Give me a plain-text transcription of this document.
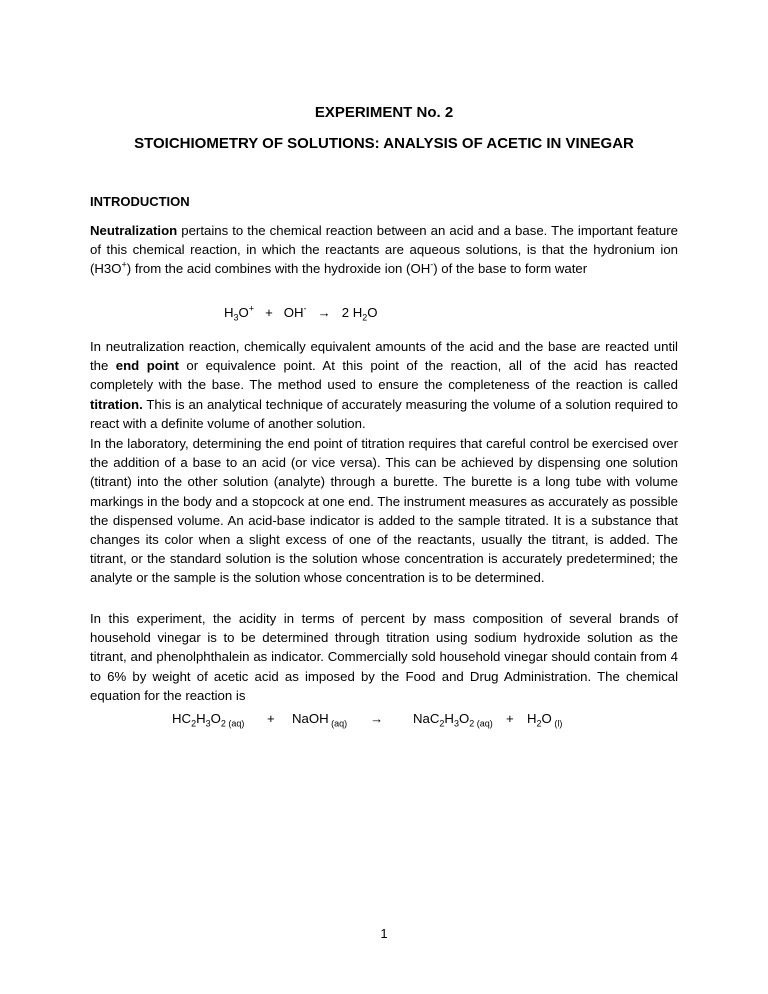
EXPERIMENT No. 2
STOICHIOMETRY OF SOLUTIONS: ANALYSIS OF ACETIC IN VINEGAR
INTRODUCTION

Neutralization pertains to the chemical reaction between an acid and a base. The important feature of this chemical reaction, in which the reactants are aqueous solutions, is that the hydronium ion (H3O+) from the acid combines with the hydroxide ion (OH-) of the base to form water

$H_3O^+ + OH^- \to 2$ $H_2O$

In neutralization reaction, chemically equivalent amounts of the acid and the base are reacted until the end point or equivalence point. At this point of the reaction, all of the acid has reacted completely with the base. The method used to ensure the completeness of the reaction is called titration. This is an analytical technique of accurately measuring the volume of a solution required to react with a definite volume of another solution.

In the laboratory, determining the end point of titration requires that careful control be exercised over the addition of a base to an acid (or vice versa). This can be achieved by dispensing one solution (titrant) into the other solution (analyte) through a burette. The burette is a long tube with volume markings in the body and a stopcock at one end. The instrument measures as accurately as possible the dispensed volume. An acid-base indicator is added to the sample titrated. It is a substance that changes its color when a slight excess of one of the reactants, usually the titrant, is added. The titrant, or the standard solution is the solution whose concentration is accurately predetermined; the analyte or the sample is the solution whose concentration is to be determined.

In this experiment, the acidity in terms of percent by mass composition of several brands of household vinegar is to be determined through titration using sodium hydroxide solution as the titrant, and phenolphthalein as indicator. Commercially sold household vinegar should contain from 4 to 6% by weight of acetic acid as imposed by the Food and Drug Administration. The chemical equation for the reaction is

$HC_2H_3O_{2 (aq)}$ + NaOH $_{(aq)} \to NaC_2H_3O_{2 (aq)} + H_2O$ $_{(l)}$
1
